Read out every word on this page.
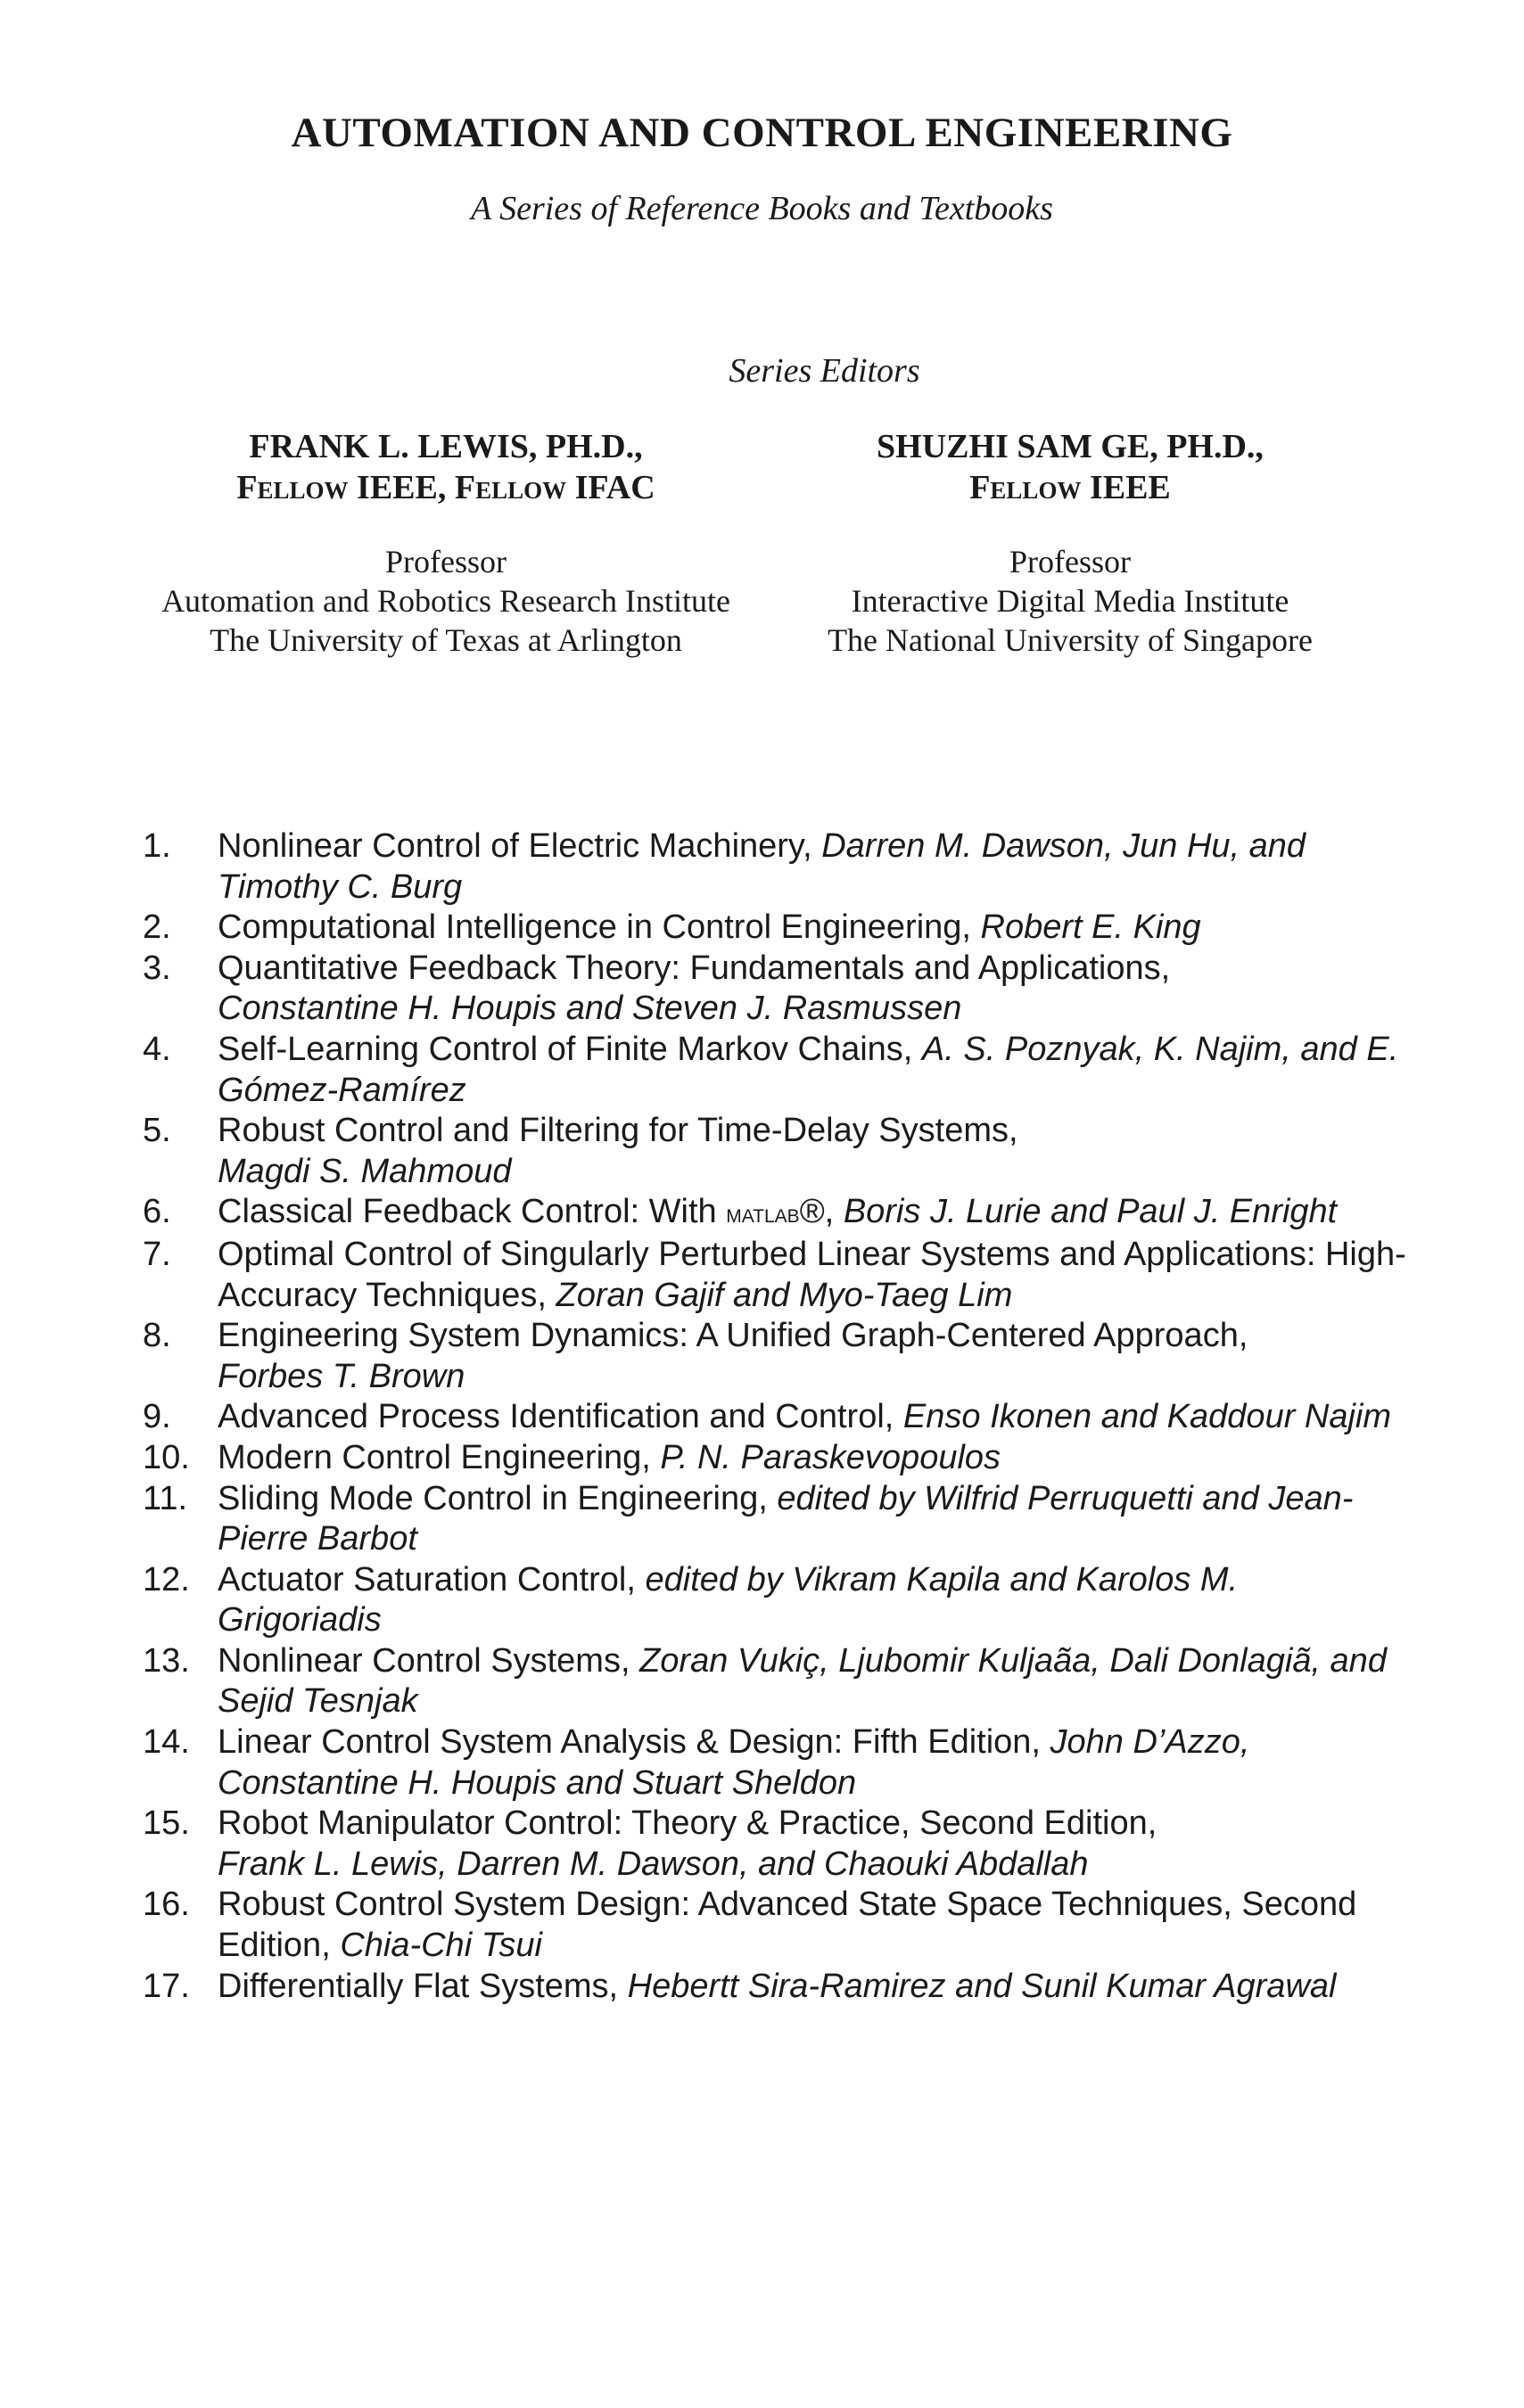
AUTOMATION AND CONTROL ENGINEERING
A Series of Reference Books and Textbooks
Series Editors
FRANK L. LEWIS, PH.D.,
Fellow IEEE, Fellow IFAC
Professor
Automation and Robotics Research Institute
The University of Texas at Arlington
SHUZHI SAM GE, PH.D.,
Fellow IEEE
Professor
Interactive Digital Media Institute
The National University of Singapore
1.	Nonlinear Control of Electric Machinery, Darren M. Dawson, Jun Hu, and Timothy C. Burg
2.	Computational Intelligence in Control Engineering, Robert E. King
3.	Quantitative Feedback Theory: Fundamentals and Applications,
Constantine H. Houpis and Steven J. Rasmussen
4.	Self-Learning Control of Finite Markov Chains, A. S. Poznyak, K. Najim, and E. Gómez-Ramírez
5.	Robust Control and Filtering for Time-Delay Systems,
Magdi S. Mahmoud
6.	Classical Feedback Control: With matlab®, Boris J. Lurie and Paul J. Enright
7.	Optimal Control of Singularly Perturbed Linear Systems and Applications: High-Accuracy Techniques, Zoran Gajif and Myo-Taeg Lim
8.	Engineering System Dynamics: A Unified Graph-Centered Approach,
Forbes T. Brown
9.	Advanced Process Identification and Control, Enso Ikonen and Kaddour Najim
10. Modern Control Engineering, P. N. Paraskevopoulos
11. Sliding Mode Control in Engineering, edited by Wilfrid Perruquetti and Jean-Pierre Barbot
12. Actuator Saturation Control, edited by Vikram Kapila and Karolos M. Grigoriadis
13. Nonlinear Control Systems, Zoran Vukiç, Ljubomir Kuljaãa, Dali Donlagiã, and Sejid Tesnjak
14. Linear Control System Analysis & Design: Fifth Edition, John D’Azzo, Constantine H. Houpis and Stuart Sheldon
15. Robot Manipulator Control: Theory & Practice, Second Edition,
Frank L. Lewis, Darren M. Dawson, and Chaouki Abdallah
16. Robust Control System Design: Advanced State Space Techniques, Second Edition, Chia-Chi Tsui
17. Differentially Flat Systems, Hebertt Sira-Ramirez and Sunil Kumar Agrawal
